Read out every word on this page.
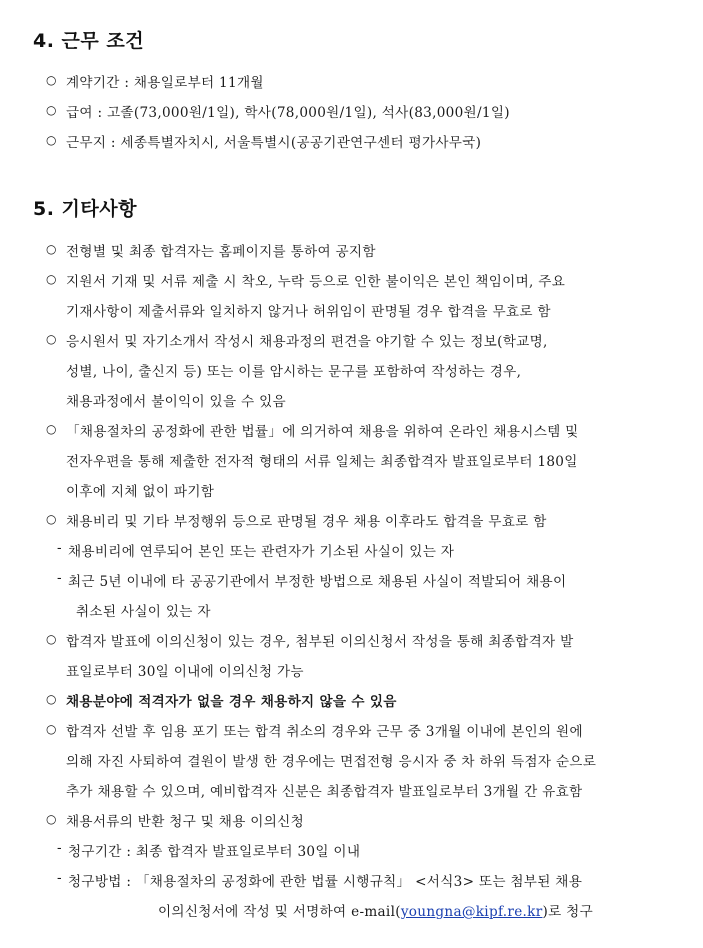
4. 근무 조건
○ 계약기간 : 채용일로부터 11개월
○ 급여 : 고졸(73,000원/1일), 학사(78,000원/1일), 석사(83,000원/1일)
○ 근무지 : 세종특별자치시, 서울특별시(공공기관연구센터 평가사무국)
5. 기타사항
○ 전형별 및 최종 합격자는 홈페이지를 통하여 공지함
○ 지원서 기재 및 서류 제출 시 착오, 누락 등으로 인한 불이익은 본인 책임이며, 주요
기재사항이 제출서류와 일치하지 않거나 허위임이 판명될 경우 합격을 무효로 함
○ 응시원서 및 자기소개서 작성시 채용과정의 편견을 야기할 수 있는 정보(학교명,
성별, 나이, 출신지 등) 또는 이를 암시하는 문구를 포함하여 작성하는 경우,
채용과정에서 불이익이 있을 수 있음
○ 「채용절차의 공정화에 관한 법률」에 의거하여 채용을 위하여 온라인 채용시스템 및
전자우편을 통해 제출한 전자적 형태의 서류 일체는 최종합격자 발표일로부터 180일
이후에 지체 없이 파기함
○ 채용비리 및 기타 부정행위 등으로 판명될 경우 채용 이후라도 합격을 무효로 함
- 채용비리에 연루되어 본인 또는 관련자가 기소된 사실이 있는 자
- 최근 5년 이내에 타 공공기관에서 부정한 방법으로 채용된 사실이 적발되어 채용이
취소된 사실이 있는 자
○ 합격자 발표에 이의신청이 있는 경우, 첨부된 이의신청서 작성을 통해 최종합격자 발
표일로부터 30일 이내에 이의신청 가능
○ 채용분야에 적격자가 없을 경우 채용하지 않을 수 있음
○ 합격자 선발 후 임용 포기 또는 합격 취소의 경우와 근무 중 3개월 이내에 본인의 원에
의해 자진 사퇴하여 결원이 발생 한 경우에는 면접전형 응시자 중 차 하위 득점자 순으로
추가 채용할 수 있으며, 예비합격자 신분은 최종합격자 발표일로부터 3개월 간 유효함
○ 채용서류의 반환 청구 및 채용 이의신청
- 청구기간 : 최종 합격자 발표일로부터 30일 이내
- 청구방법 : 「채용절차의 공정화에 관한 법률 시행규칙」 <서식3> 또는 첨부된 채용
이의신청서에 작성 및 서명하여 e-mail(youngna@kipf.re.kr)로 청구
